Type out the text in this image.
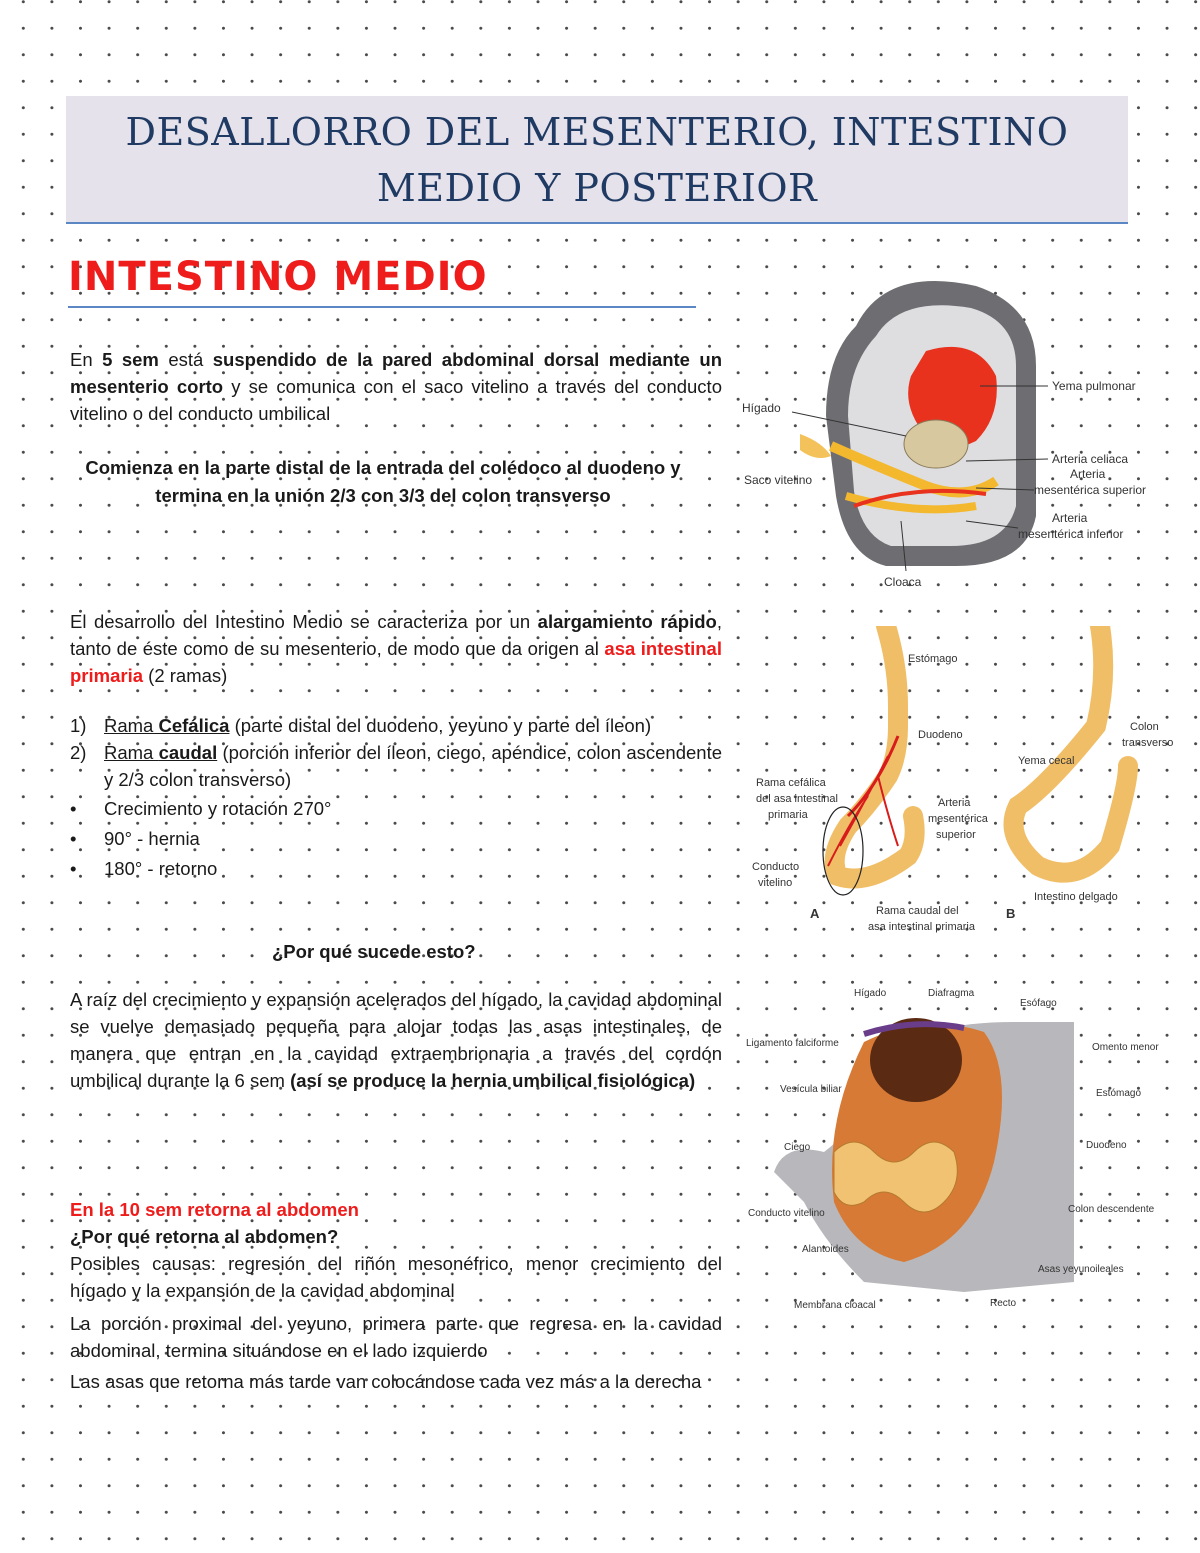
DESALLORRO DEL MESENTERIO, INTESTINO
MEDIO Y POSTERIOR
INTESTINO MEDIO

En 5 sem está suspendido de la pared abdominal dorsal mediante un mesenterio corto y se comunica con el saco vitelino a través del conducto vitelino o del conducto umbilical

Comienza en la parte distal de la entrada del colédoco al duodeno y termina en la unión 2/3 con 3/3 del colon transverso

El desarrollo del Intestino Medio se caracteriza por un alargamiento rápido, tanto de éste como de su mesenterio, de modo que da origen al asa intestinal primaria (2 ramas)

1) Rama Cefálica (parte distal del duodeno, yeyuno y parte del íleon)
2) Rama caudal (porción inferior del íleon, ciego, apéndice, colon ascendente y 2/3 colon transverso)
•	Crecimiento y rotación 270°
•	90° - hernia
•	180° - retorno
¿Por qué sucede esto?

A raíz del crecimiento y expansión acelerados del hígado, la cavidad abdominal se vuelve demasiado pequeña para alojar todas las asas intestinales, de manera que entran en la cavidad extraembrionaria a través del cordón umbilical durante la 6 sem (así se produce la hernia umbilical fisiológica)

En la 10 sem retorna al abdomen
¿Por qué retorna al abdomen?
Posibles causas: regresión del riñón mesonéfrico, menor crecimiento del hígado y la expansión de la cavidad abdominal
La porción proximal del yeyuno, primera parte que regresa en la cavidad abdominal, termina situándose en el lado izquierdo
Las asas que retorna más tarde van colocándose cada vez más a la derecha
Yema pulmonar
Hígado
Arteria celiaca
Arteria
mesentérica superior
Saco vitelino
Arteria
mesentérica inferior
Cloaca
Estómago
Duodeno
Rama cefálica
del asa intestinal
primaria
Arteria
mesentérica
superior
Conducto
vitelino
Rama caudal del
asa intestinal primaria
A
Colon
transverso
Yema cecal
Intestino delgado
B
Hígado	Diafragma
Esófago
Ligamento falciforme	Omento menor
Vesícula biliar	Estómago
Ciego	Duodeno
Conducto vitelino	Colon descendente
Alantoides
Asas yeyunoileales
Membrana cloacal	Recto
